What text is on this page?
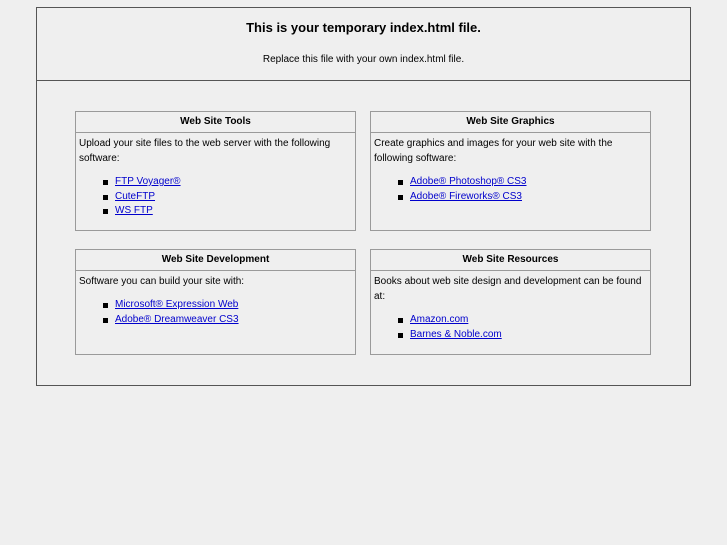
This is your temporary index.html file.

Replace this file with your own index.html file.

Web Site Tools

Upload your site files to the web server with the following software:

FTP Voyager®
CuteFTP
WS FTP
Web Site Graphics

Create graphics and images for your web site with the following software:

Adobe® Photoshop® CS3
Adobe® Fireworks® CS3
Web Site Development

Software you can build your site with:

Microsoft® Expression Web
Adobe® Dreamweaver CS3
Web Site Resources

Books about web site design and development can be found at:

Amazon.com
Barnes & Noble.com
